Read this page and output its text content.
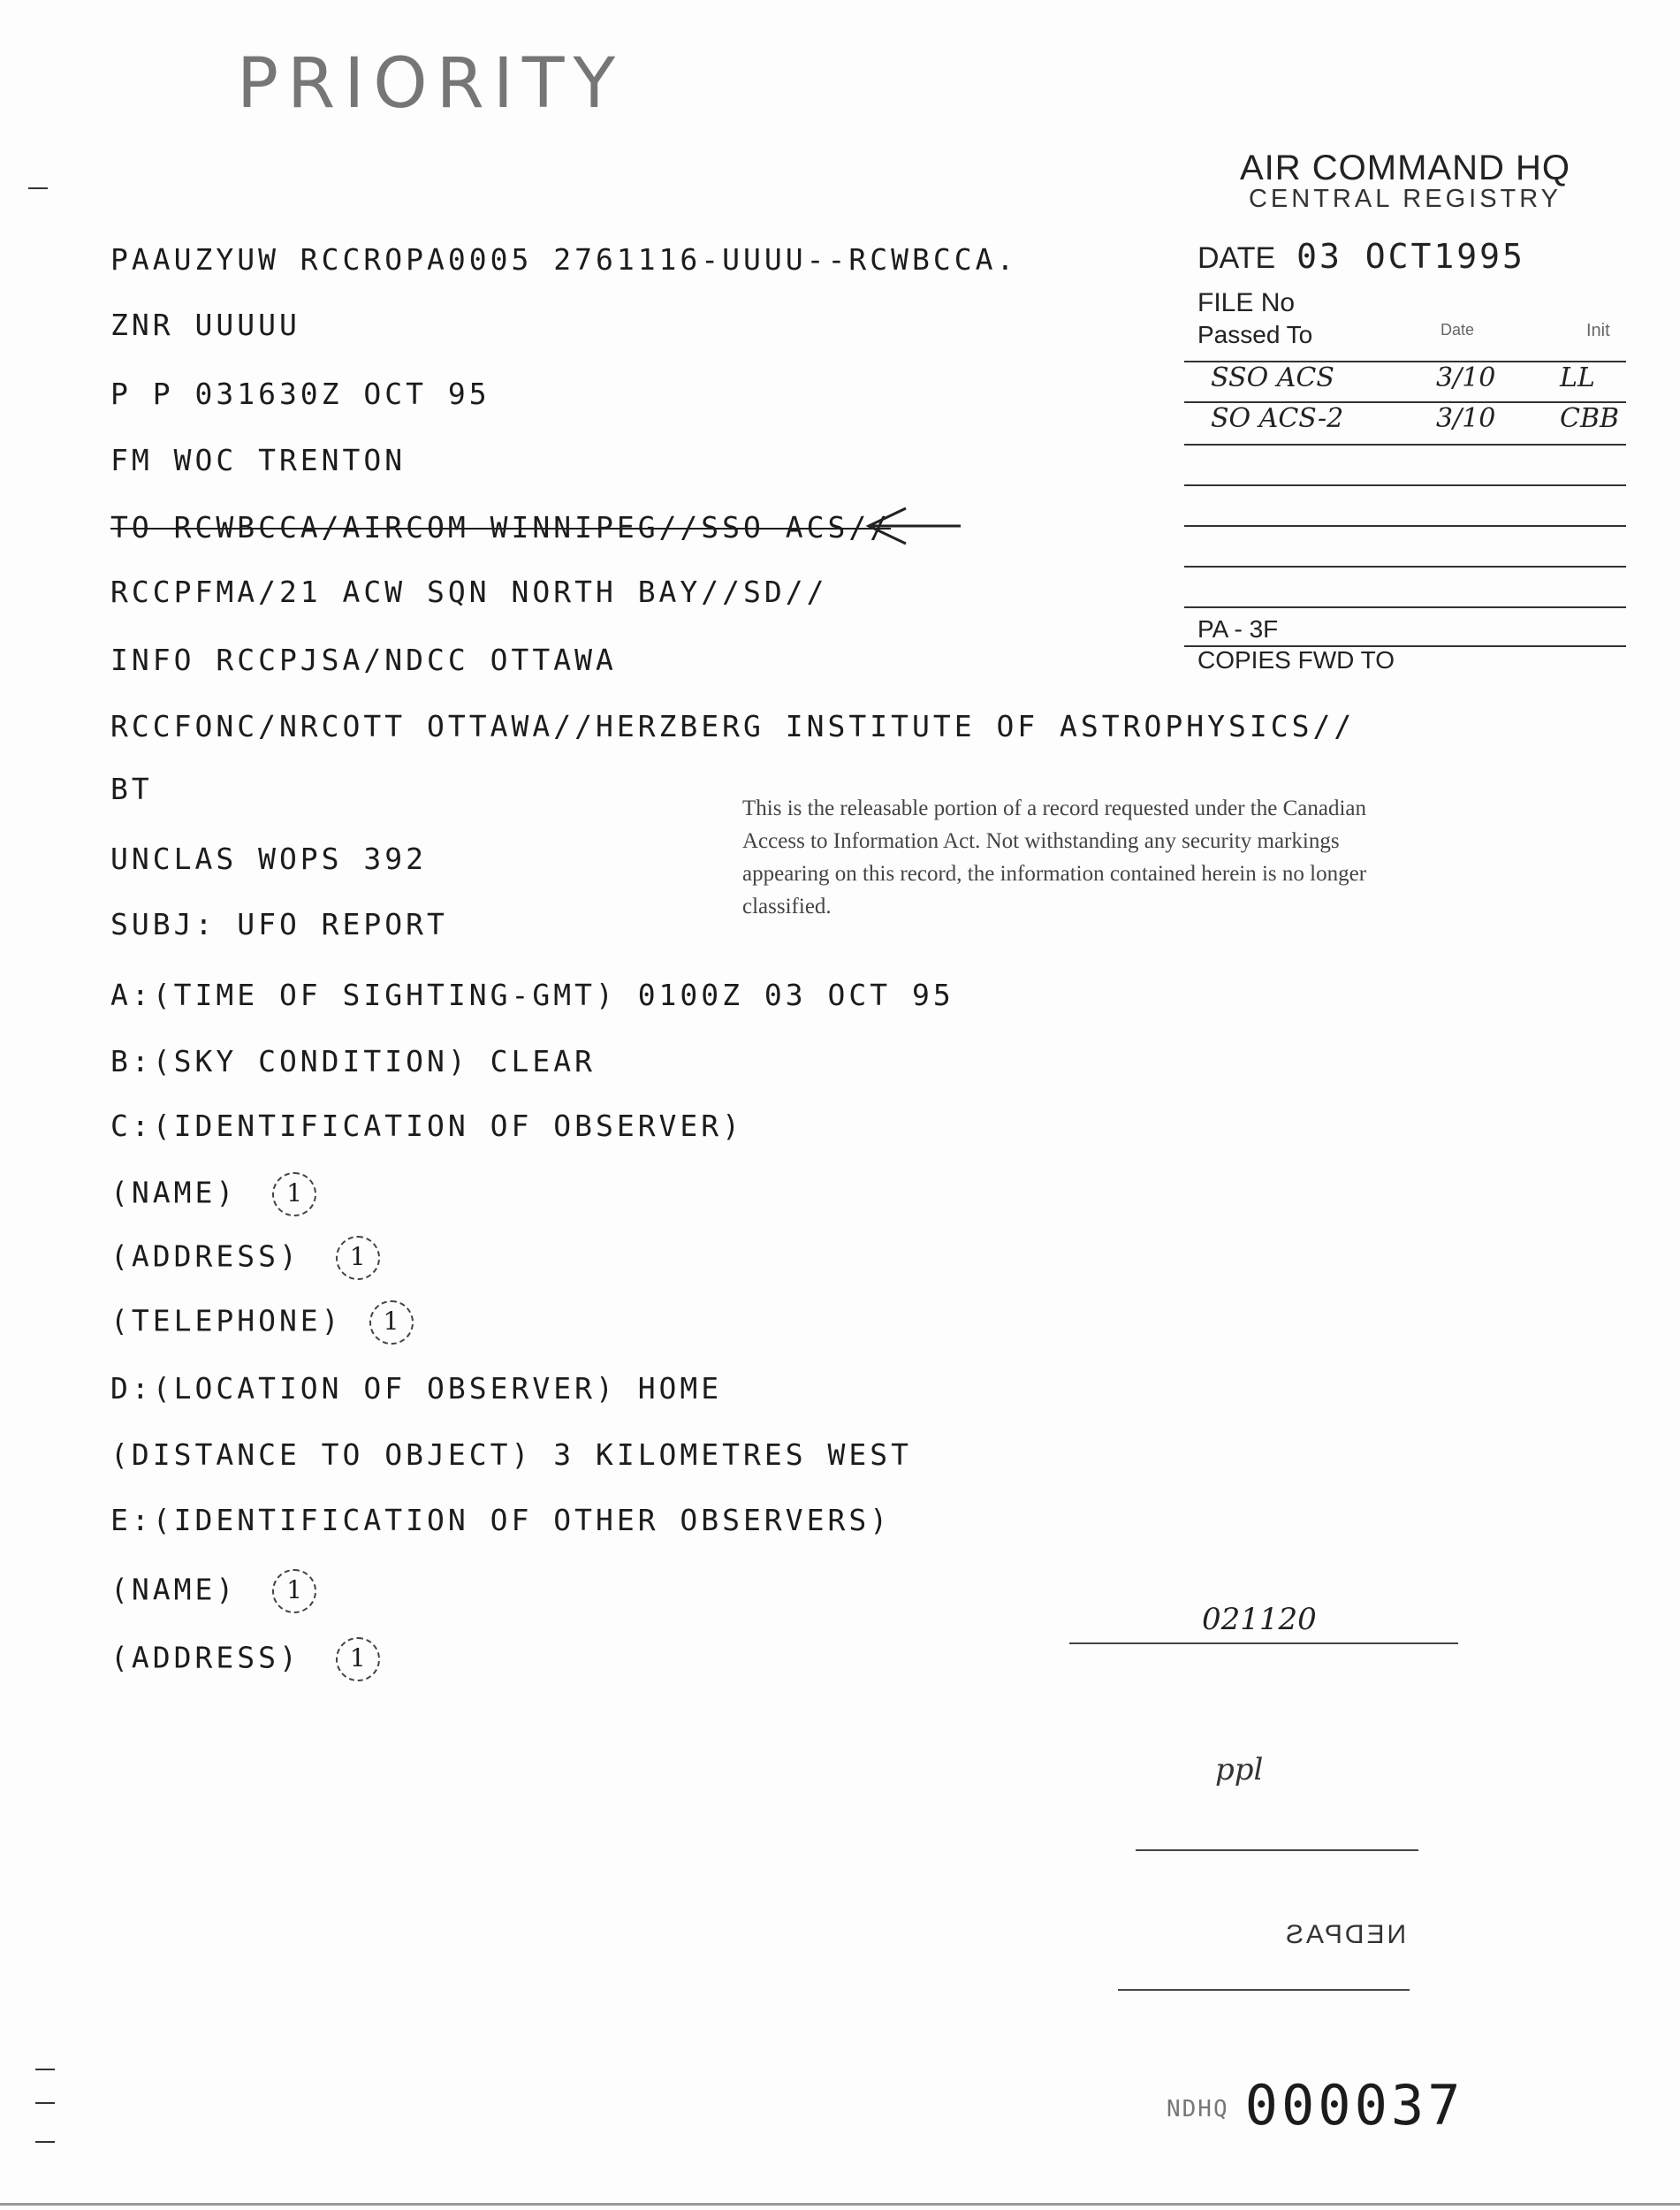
PRIORITY
PAAUZYUW RCCROPA0005 2761116-UUUU--RCWBCCA.
ZNR UUUUU
P P 031630Z OCT 95
FM WOC TRENTON
TO RCWBCCA/AIRCOM WINNIPEG//SSO ACS//
RCCPFMA/21 ACW SQN NORTH BAY//SD//
INFO RCCPJSA/NDCC OTTAWA
RCCFONC/NRCOTT OTTAWA//HERZBERG INSTITUTE OF ASTROPHYSICS//
BT
UNCLAS WOPS 392
SUBJ: UFO REPORT
A:(TIME OF SIGHTING-GMT) 0100Z 03 OCT 95
B:(SKY CONDITION) CLEAR
C:(IDENTIFICATION OF OBSERVER)
(NAME) 1
(ADDRESS) 1
(TELEPHONE) 1
D:(LOCATION OF OBSERVER) HOME
(DISTANCE TO OBJECT) 3 KILOMETRES WEST
E:(IDENTIFICATION OF OTHER OBSERVERS)
(NAME) 1
(ADDRESS) 1
AIR COMMAND HQ
CENTRAL REGISTRY
DATE 03 OCT1995
FILE No
Passed To	Date	Init
SSO ACS	3/10 LL
SO ACS-2	3/10 CBB
PA - 3F
COPIES FWD TO
This is the releasable portion of a record requested under the Canadian Access to Information Act. Not withstanding any security markings appearing on this record, the information contained herein is no longer classified.
021120
ppl
NEDPAS
NDHQ 000037
